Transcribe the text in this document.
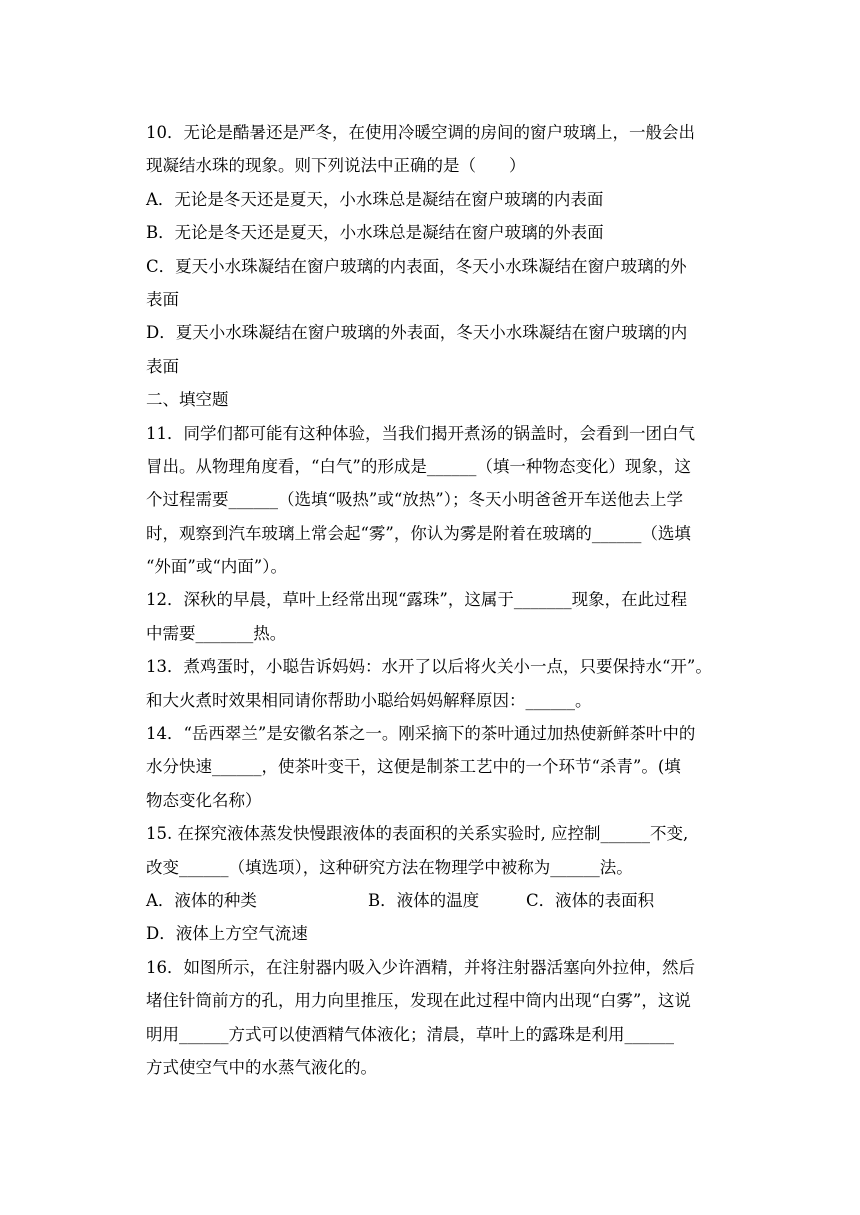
10．无论是酷暑还是严冬，在使用冷暖空调的房间的窗户玻璃上，一般会出
现凝结水珠的现象。则下列说法中正确的是（　　）
A．无论是冬天还是夏天，小水珠总是凝结在窗户玻璃的内表面
B．无论是冬天还是夏天，小水珠总是凝结在窗户玻璃的外表面
C．夏天小水珠凝结在窗户玻璃的内表面，冬天小水珠凝结在窗户玻璃的外
表面
D．夏天小水珠凝结在窗户玻璃的外表面，冬天小水珠凝结在窗户玻璃的内
表面
二、填空题
11．同学们都可能有这种体验，当我们揭开煮汤的锅盖时，会看到一团白气
冒出。从物理角度看，“白气”的形成是______（填一种物态变化）现象，这
个过程需要______（选填“吸热”或“放热”）；冬天小明爸爸开车送他去上学
时，观察到汽车玻璃上常会起“雾”，你认为雾是附着在玻璃的______（选填
“外面”或“内面”）。
12．深秋的早晨，草叶上经常出现“露珠”，这属于_______现象，在此过程
中需要_______热。
13．煮鸡蛋时，小聪告诉妈妈：水开了以后将火关小一点，只要保持水“开”。
和大火煮时效果相同请你帮助小聪给妈妈解释原因：______。
14．“岳西翠兰”是安徽名茶之一。刚采摘下的茶叶通过加热使新鲜茶叶中的
水分快速______，使茶叶变干，这便是制茶工艺中的一个环节“杀青”。(填
物态变化名称）
15. 在探究液体蒸发快慢跟液体的表面积的关系实验时, 应控制______不变,
改变______（填选项），这种研究方法在物理学中被称为______法。
A．液体的种类	B．液体的温度	C．液体的表面积
D．液体上方空气流速
16．如图所示，在注射器内吸入少许酒精，并将注射器活塞向外拉伸，然后
堵住针筒前方的孔，用力向里推压，发现在此过程中筒内出现“白雾”，这说
明用______方式可以使酒精气体液化；清晨，草叶上的露珠是利用______
方式使空气中的水蒸气液化的。
